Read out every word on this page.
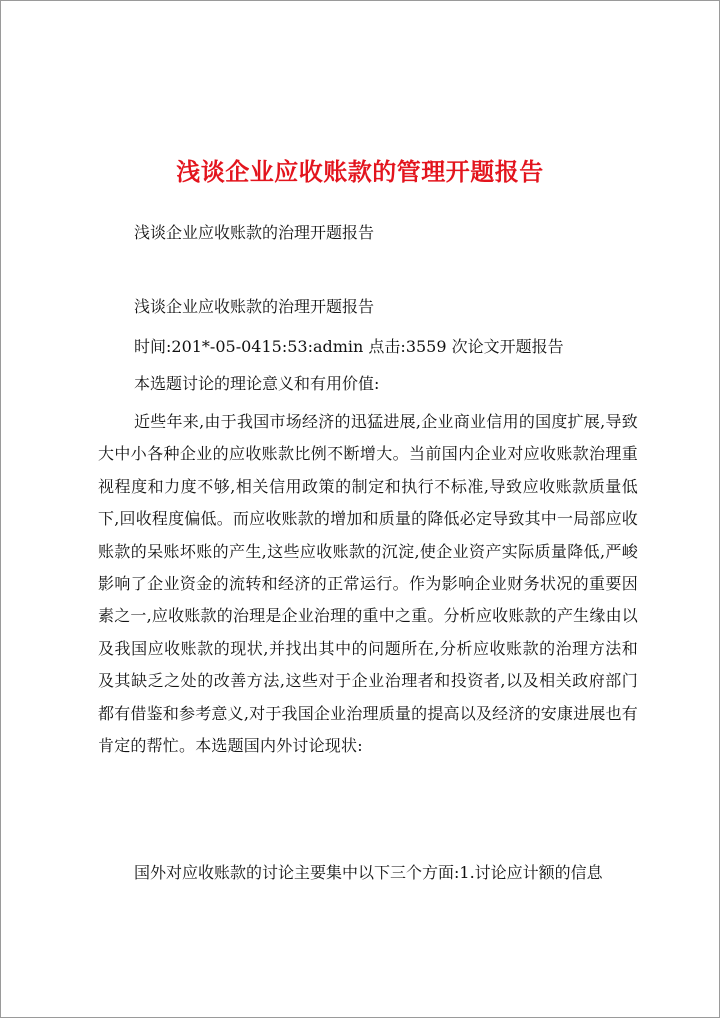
浅谈企业应收账款的管理开题报告
浅谈企业应收账款的治理开题报告
浅谈企业应收账款的治理开题报告
时间:201*-05-0415:53:admin 点击:3559 次论文开题报告
本选题讨论的理论意义和有用价值:
近些年来,由于我国市场经济的迅猛进展,企业商业信用的国度扩展,导致大中小各种企业的应收账款比例不断增大。当前国内企业对应收账款治理重视程度和力度不够,相关信用政策的制定和执行不标准,导致应收账款质量低下,回收程度偏低。而应收账款的增加和质量的降低必定导致其中一局部应收账款的呆账坏账的产生,这些应收账款的沉淀,使企业资产实际质量降低,严峻影响了企业资金的流转和经济的正常运行。作为影响企业财务状况的重要因素之一,应收账款的治理是企业治理的重中之重。分析应收账款的产生缘由以及我国应收账款的现状,并找出其中的问题所在,分析应收账款的治理方法和及其缺乏之处的改善方法,这些对于企业治理者和投资者,以及相关政府部门都有借鉴和参考意义,对于我国企业治理质量的提高以及经济的安康进展也有肯定的帮忙。本选题国内外讨论现状:
国外对应收账款的讨论主要集中以下三个方面:1.讨论应计额的信息
